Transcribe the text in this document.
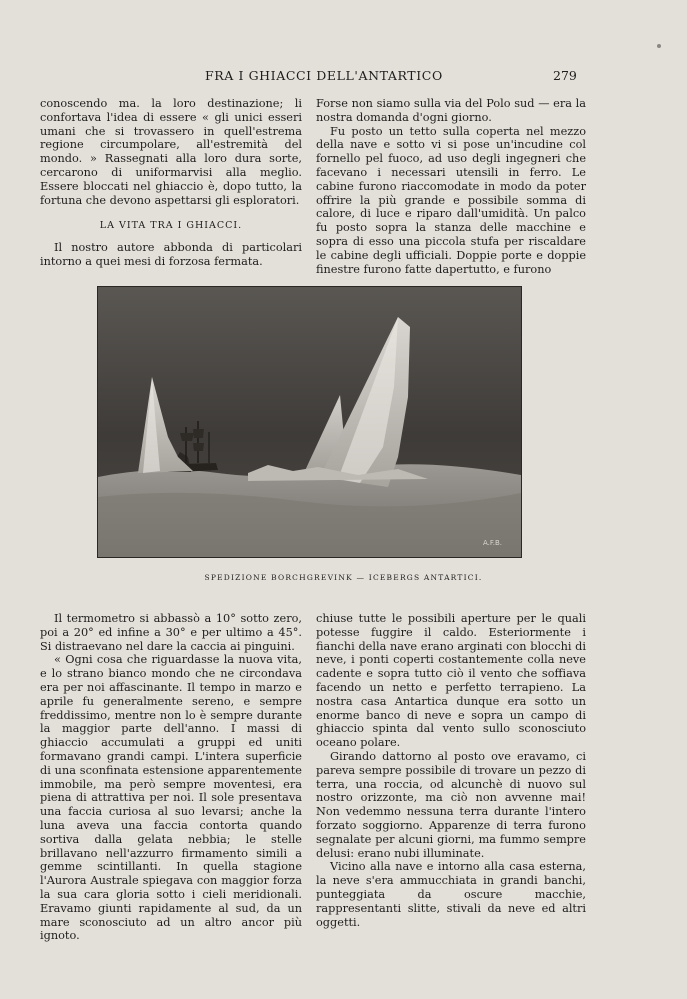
FRA I GHIACCI DELL'ANTARTICO	279

conoscendo ma. la loro destinazione; li confortava l'idea di essere « gli unici esseri umani che si trovassero in quell'estrema regione circumpolare, all'estremità del mondo. » Rassegnati alla loro dura sorte, cercarono di uniformarvisi alla meglio. Essere bloccati nel ghiaccio è, dopo tutto, la fortuna che devono aspettarsi gli esploratori.

LA VITA TRA I GHIACCI.

Il nostro autore abbonda di particolari intorno a quei mesi di forzosa fermata.

Forse non siamo sulla via del Polo sud — era la nostra domanda d'ogni giorno.

Fu posto un tetto sulla coperta nel mezzo della nave e sotto vi si pose un'incudine col fornello pel fuoco, ad uso degli ingegneri che facevano i necessari utensili in ferro. Le cabine furono riaccomodate in modo da poter offrire la più grande e possibile somma di calore, di luce e riparo dall'umidità. Un palco fu posto sopra la stanza delle macchine e sopra di esso una piccola stufa per riscaldare le cabine degli ufficiali. Doppie porte e doppie finestre furono fatte dapertutto, e furono

A.F.B.
SPEDIZIONE BORCHGREVINK — ICEBERGS ANTARTICI.

Il termometro si abbassò a 10° sotto zero, poi a 20° ed infine a 30° e per ultimo a 45°. Si distraevano nel dare la caccia ai pinguini.

« Ogni cosa che riguardasse la nuova vita, e lo strano bianco mondo che ne circondava era per noi affascinante. Il tempo in marzo e aprile fu generalmente sereno, e sempre freddissimo, mentre non lo è sempre durante la maggior parte dell'anno. I massi di ghiaccio accumulati a gruppi ed uniti formavano grandi campi. L'intera superficie di una sconfinata estensione apparentemente immobile, ma però sempre moventesi, era piena di attrattiva per noi. Il sole presentava una faccia curiosa al suo levarsi; anche la luna aveva una faccia contorta quando sortiva dalla gelata nebbia; le stelle brillavano nell'azzurro firmamento simili a gemme scintillanti. In quella stagione l'Aurora Australe spiegava con maggior forza la sua cara gloria sotto i cieli meridionali. Eravamo giunti rapidamente al sud, da un mare sconosciuto ad un altro ancor più ignoto.

chiuse tutte le possibili aperture per le quali potesse fuggire il caldo. Esteriormente i fianchi della nave erano arginati con blocchi di neve, i ponti coperti costantemente colla neve cadente e sopra tutto ciò il vento che soffiava facendo un netto e perfetto terrapieno. La nostra casa Antartica dunque era sotto un enorme banco di neve e sopra un campo di ghiaccio spinta dal vento sullo sconosciuto oceano polare.

Girando dattorno al posto ove eravamo, ci pareva sempre possibile di trovare un pezzo di terra, una roccia, od alcunchè di nuovo sul nostro orizzonte, ma ciò non avvenne mai! Non vedemmo nessuna terra durante l'intero forzato soggiorno. Apparenze di terra furono segnalate per alcuni giorni, ma fummo sempre delusi: erano nubi illuminate.

Vicino alla nave e intorno alla casa esterna, la neve s'era ammucchiata in grandi banchi, punteggiata da oscure macchie, rappresentanti slitte, stivali da neve ed altri oggetti.
